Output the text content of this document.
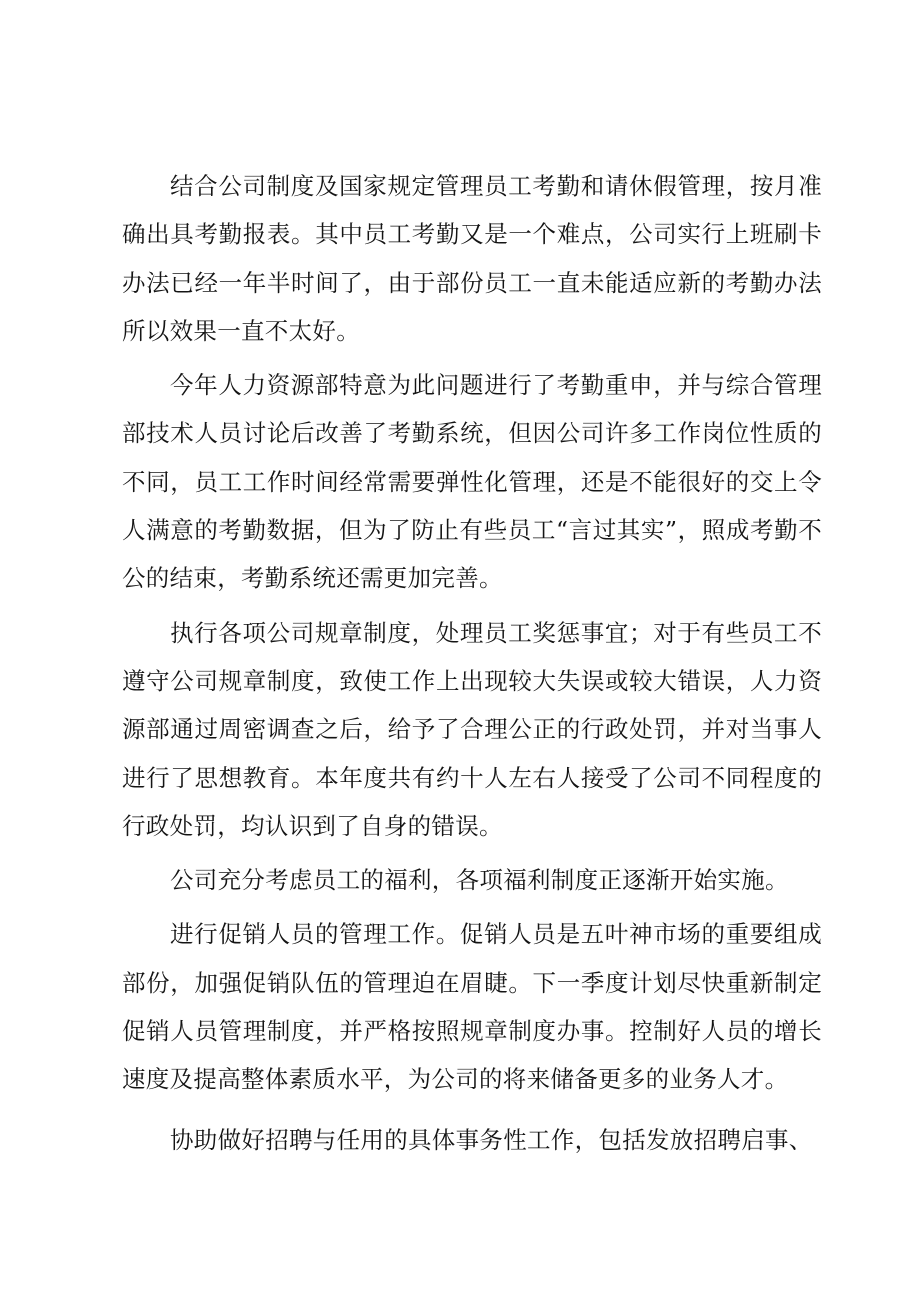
结合公司制度及国家规定管理员工考勤和请休假管理，按月准确出具考勤报表。其中员工考勤又是一个难点，公司实行上班刷卡办法已经一年半时间了，由于部份员工一直未能适应新的考勤办法所以效果一直不太好。

今年人力资源部特意为此问题进行了考勤重申，并与综合管理部技术人员讨论后改善了考勤系统，但因公司许多工作岗位性质的不同，员工工作时间经常需要弹性化管理，还是不能很好的交上令人满意的考勤数据，但为了防止有些员工“言过其实”，照成考勤不公的结束，考勤系统还需更加完善。

执行各项公司规章制度，处理员工奖惩事宜；对于有些员工不遵守公司规章制度，致使工作上出现较大失误或较大错误，人力资源部通过周密调查之后，给予了合理公正的行政处罚，并对当事人进行了思想教育。本年度共有约十人左右人接受了公司不同程度的行政处罚，均认识到了自身的错误。

公司充分考虑员工的福利，各项福利制度正逐渐开始实施。

进行促销人员的管理工作。促销人员是五叶神市场的重要组成部份，加强促销队伍的管理迫在眉睫。下一季度计划尽快重新制定促销人员管理制度，并严格按照规章制度办事。控制好人员的增长速度及提高整体素质水平，为公司的将来储备更多的业务人才。

协助做好招聘与任用的具体事务性工作，包括发放招聘启事、
